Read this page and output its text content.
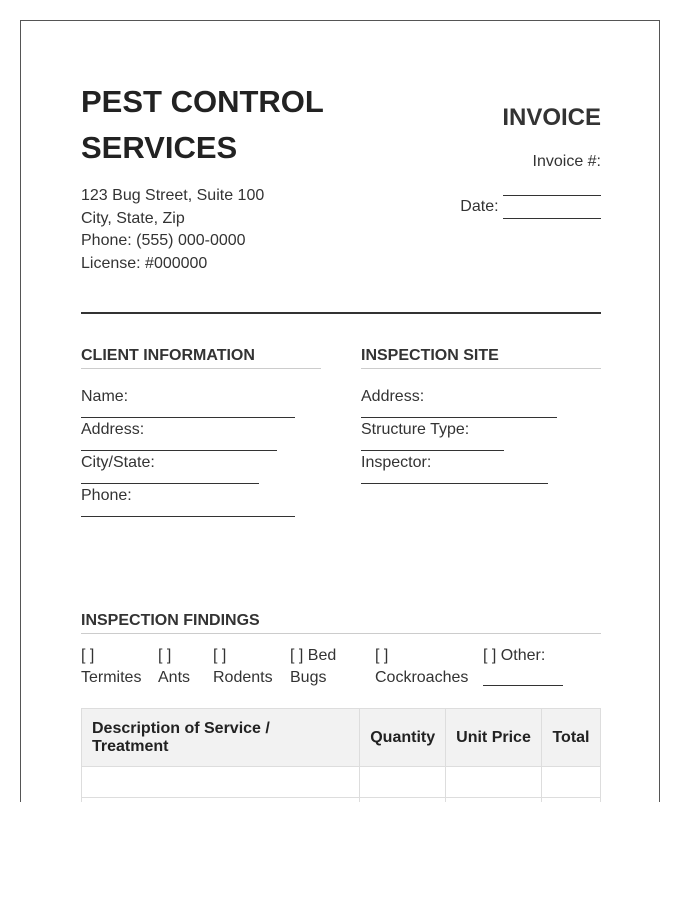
PEST CONTROL SERVICES
123 Bug Street, Suite 100
City, State, Zip
Phone: (555) 000-0000
License: #000000
INVOICE
Invoice #:
Date:
CLIENT INFORMATION
Name:
Address:
City/State:
Phone:
INSPECTION SITE
Address:
Structure Type:
Inspector:
INSPECTION FINDINGS
[ ]
Termites
[ ]
Ants
[ ]
Rodents
[ ] Bed
Bugs
[ ]
Cockroaches
[ ] Other:
Description of Service / Treatment	Quantity	Unit Price	Total
